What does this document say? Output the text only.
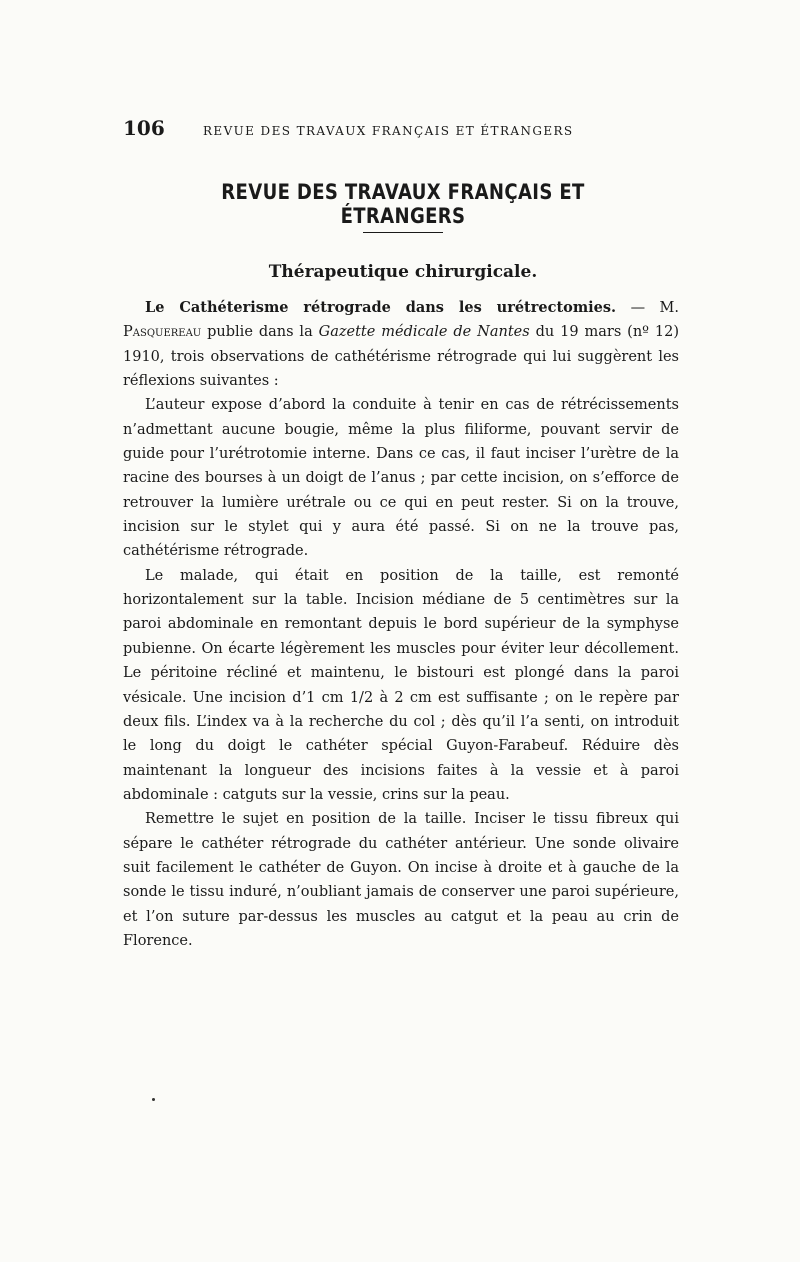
106	REVUE DES TRAVAUX FRANÇAIS ET ÉTRANGERS
REVUE DES TRAVAUX FRANÇAIS ET ÉTRANGERS
Thérapeutique chirurgicale.

Le Cathéterisme rétrograde dans les urétrectomies. — M. Pasquereau publie dans la Gazette médicale de Nantes du 19 mars (nº 12) 1910, trois observations de cathétérisme rétrograde qui lui suggèrent les réflexions suivantes :

L’auteur expose d’abord la conduite à tenir en cas de rétrécissements n’admettant aucune bougie, même la plus filiforme, pouvant servir de guide pour l’urétrotomie interne. Dans ce cas, il faut inciser l’urètre de la racine des bourses à un doigt de l’anus ; par cette incision, on s’efforce de retrouver la lumière urétrale ou ce qui en peut rester. Si on la trouve, incision sur le stylet qui y aura été passé. Si on ne la trouve pas, cathétérisme rétrograde.

Le malade, qui était en position de la taille, est remonté horizontalement sur la table. Incision médiane de 5 centimètres sur la paroi abdominale en remontant depuis le bord supérieur de la symphyse pubienne. On écarte légèrement les muscles pour éviter leur décollement. Le péritoine récliné et maintenu, le bistouri est plongé dans la paroi vésicale. Une incision d’1 cm 1/2 à 2 cm est suffisante ; on le repère par deux fils. L’index va à la recherche du col ; dès qu’il l’a senti, on introduit le long du doigt le cathéter spécial Guyon-Farabeuf. Réduire dès maintenant la longueur des incisions faites à la vessie et à paroi abdominale : catguts sur la vessie, crins sur la peau.

Remettre le sujet en position de la taille. Inciser le tissu fibreux qui sépare le cathéter rétrograde du cathéter antérieur. Une sonde olivaire suit facilement le cathéter de Guyon. On incise à droite et à gauche de la sonde le tissu induré, n’oubliant jamais de conserver une paroi supérieure, et l’on suture par-dessus les muscles au catgut et la peau au crin de Florence.
